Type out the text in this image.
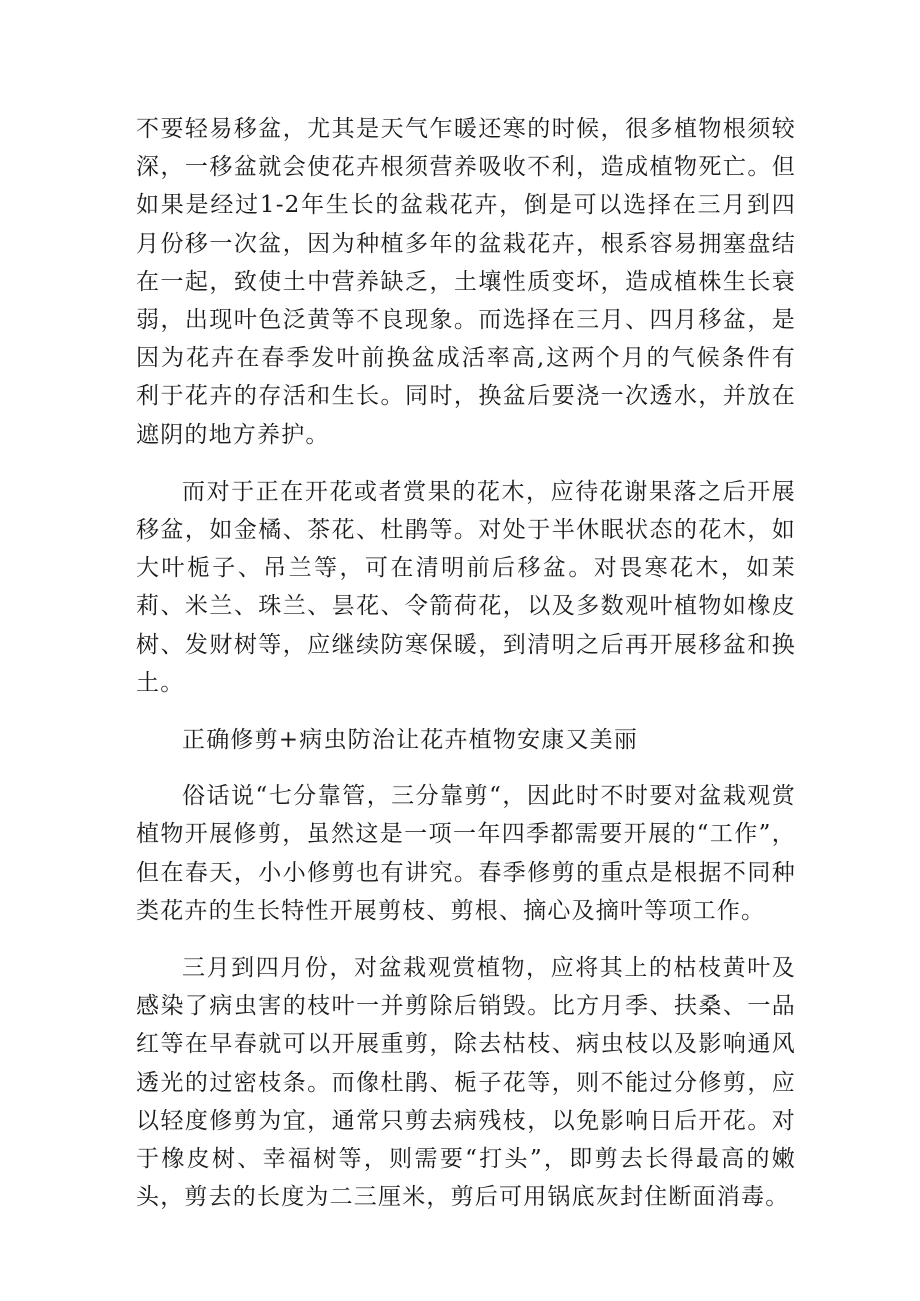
不要轻易移盆，尤其是天气乍暖还寒的时候，很多植物根须较深，一移盆就会使花卉根须营养吸收不利，造成植物死亡。但如果是经过1-2年生长的盆栽花卉，倒是可以选择在三月到四月份移一次盆，因为种植多年的盆栽花卉，根系容易拥塞盘结在一起，致使土中营养缺乏，土壤性质变坏，造成植株生长衰弱，出现叶色泛黄等不良现象。而选择在三月、四月移盆，是因为花卉在春季发叶前换盆成活率高,这两个月的气候条件有利于花卉的存活和生长。同时，换盆后要浇一次透水，并放在遮阴的地方养护。

而对于正在开花或者赏果的花木，应待花谢果落之后开展移盆，如金橘、茶花、杜鹃等。对处于半休眠状态的花木，如大叶栀子、吊兰等，可在清明前后移盆。对畏寒花木，如茉莉、米兰、珠兰、昙花、令箭荷花，以及多数观叶植物如橡皮树、发财树等，应继续防寒保暖，到清明之后再开展移盆和换土。

正确修剪+病虫防治让花卉植物安康又美丽

俗话说“七分靠管，三分靠剪“，因此时不时要对盆栽观赏植物开展修剪，虽然这是一项一年四季都需要开展的“工作”，但在春天，小小修剪也有讲究。春季修剪的重点是根据不同种类花卉的生长特性开展剪枝、剪根、摘心及摘叶等项工作。

三月到四月份，对盆栽观赏植物，应将其上的枯枝黄叶及感染了病虫害的枝叶一并剪除后销毁。比方月季、扶桑、一品红等在早春就可以开展重剪，除去枯枝、病虫枝以及影响通风透光的过密枝条。而像杜鹃、栀子花等，则不能过分修剪，应以轻度修剪为宜，通常只剪去病残枝，以免影响日后开花。对于橡皮树、幸福树等，则需要“打头”，即剪去长得最高的嫩头，剪去的长度为二三厘米，剪后可用锅底灰封住断面消毒。
